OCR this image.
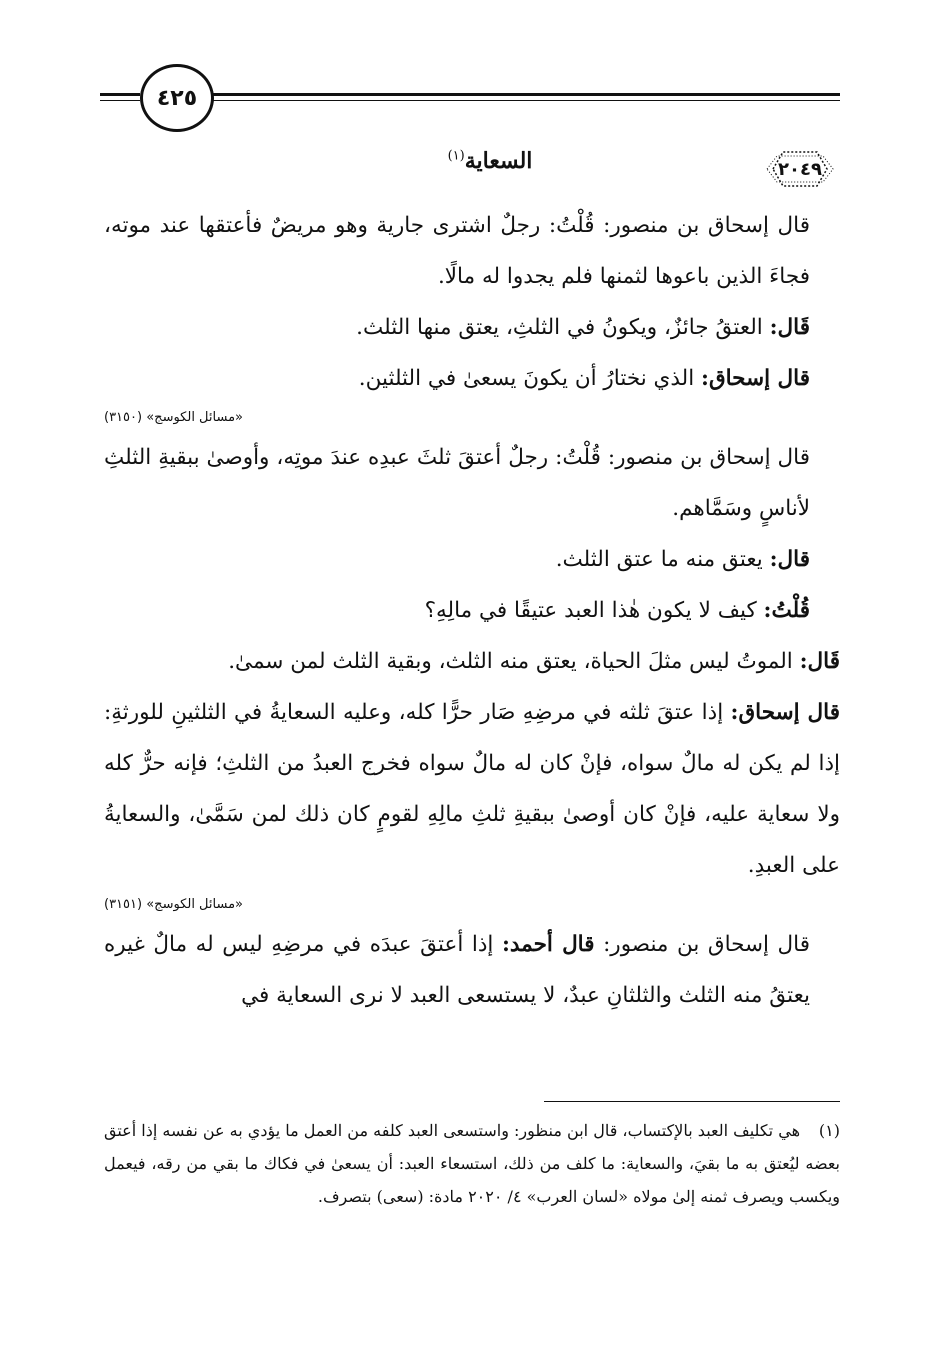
٤٢٥
السعاية$^{(١)}$
٢٠٤٩

قال إسحاق بن منصور: قُلْتُ: رجلٌ اشترى جارية وهو مريضٌ فأعتقها عند موته، فجاءَ الذين باعوها لثمنها فلم يجدوا له مالًا.

قَال: العتقُ جائزٌ، ويكونُ في الثلثِ، يعتق منها الثلث.

قال إسحاق: الذي نختارُ أن يكونَ يسعىٰ في الثلثين.

«مسائل الكوسج» (٣١٥٠)

قال إسحاق بن منصور: قُلْتُ: رجلٌ أعتقَ ثلثَ عبدِه عندَ موتِه، وأوصىٰ ببقيةِ الثلثِ لأناسٍ وسَمَّاهم.

قال: يعتق منه ما عتق الثلث.

قُلْتُ: كيف لا يكون هٰذا العبد عتيقًا في مالِهِ؟

قَال: الموتُ ليس مثلَ الحياة، يعتق منه الثلث، وبقية الثلث لمن سمىٰ.

قال إسحاق: إذا عتقَ ثلثه في مرضِهِ صَار حرًّا كله، وعليه السعايةُ في الثلثينِ للورثةِ: إذا لم يكن له مالٌ سواه، فإنْ كان له مالٌ سواه فخرج العبدُ من الثلثِ؛ فإنه حرٌّ كله ولا سعاية عليه، فإنْ كان أوصىٰ ببقيةِ ثلثِ مالِهِ لقومٍ كان ذلك لمن سَمَّىٰ، والسعايةُ على العبدِ.

«مسائل الكوسج» (٣١٥١)

قال إسحاق بن منصور: قال أحمد: إذا أعتقَ عبدَه في مرضِهِ ليس له مالٌ غيره يعتقُ منه الثلث والثلثانِ عبدٌ، لا يستسعى العبد لا نرى السعاية في

(١)هي تكليف العبد بالإكتساب، قال ابن منظور: واستسعى العبد كلفه من العمل ما يؤدي به عن نفسه إذا أعتق بعضه ليُعتق به ما بقيَ، والسعاية: ما كلف من ذلك، استسعاء العبد: أن يسعىٰ في فكاك ما بقي من رقه، فيعمل ويكسب ويصرف ثمنه إلىٰ مولاه «لسان العرب» ٤/ ٢٠٢٠ مادة: (سعى) بتصرف.
